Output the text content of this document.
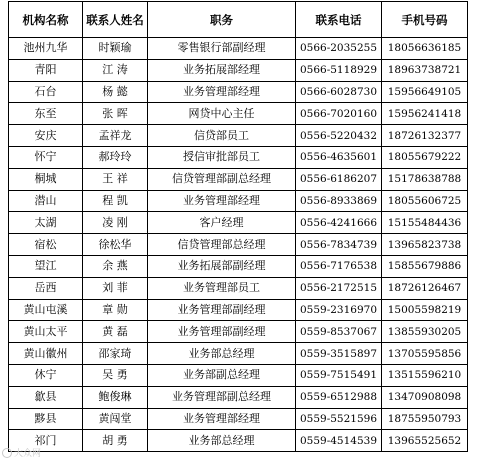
机构名称	联系人姓名	职务	联系电话	手机号码
池州九华	时颖瑜	零售银行部副经理	0566-2035255	18056636185
青阳	江 涛	业务拓展部经理	0566-5118929	18963738721
石台	杨 懿	业务管理部经理	0566-6028730	15956649105
东至	张 晖	网贷中心主任	0566-7020160	15956241418
安庆	孟祥龙	信贷部员工	0556-5220432	18726132377
怀宁	郝玲玲	授信审批部员工	0556-4635601	18055679222
桐城	王 祥	信贷管理部副总经理	0556-6186207	15178638788
潜山	程 凯	业务管理部经理	0556-8933869	18055606725
太湖	凌 刚	客户经理	0556-4241666	15155484436
宿松	徐松华	信贷管理部总经理	0556-7834739	13965823738
望江	余 燕	业务拓展部副经理	0556-7176538	15855679886
岳西	刘 菲	业务管理部员工	0556-2172515	18726126467
黄山屯溪	章 勋	业务管理部副经理	0559-2316970	15005598219
黄山太平	黄 磊	业务管理部副经理	0559-8537067	13855930205
黄山徽州	邵家琦	业务部总经理	0559-3515897	13705595856
休宁	吴 勇	业务部副总经理	0559-7515491	13515596210
歙县	鲍俊琳	业务管理部副总经理	0559-6512988	13470908098
黟县	黄闯堂	业务管理部经理	0559-5521596	18755950793
祁门	胡 勇	业务部总经理	0559-4514539	13965525652
大众网
